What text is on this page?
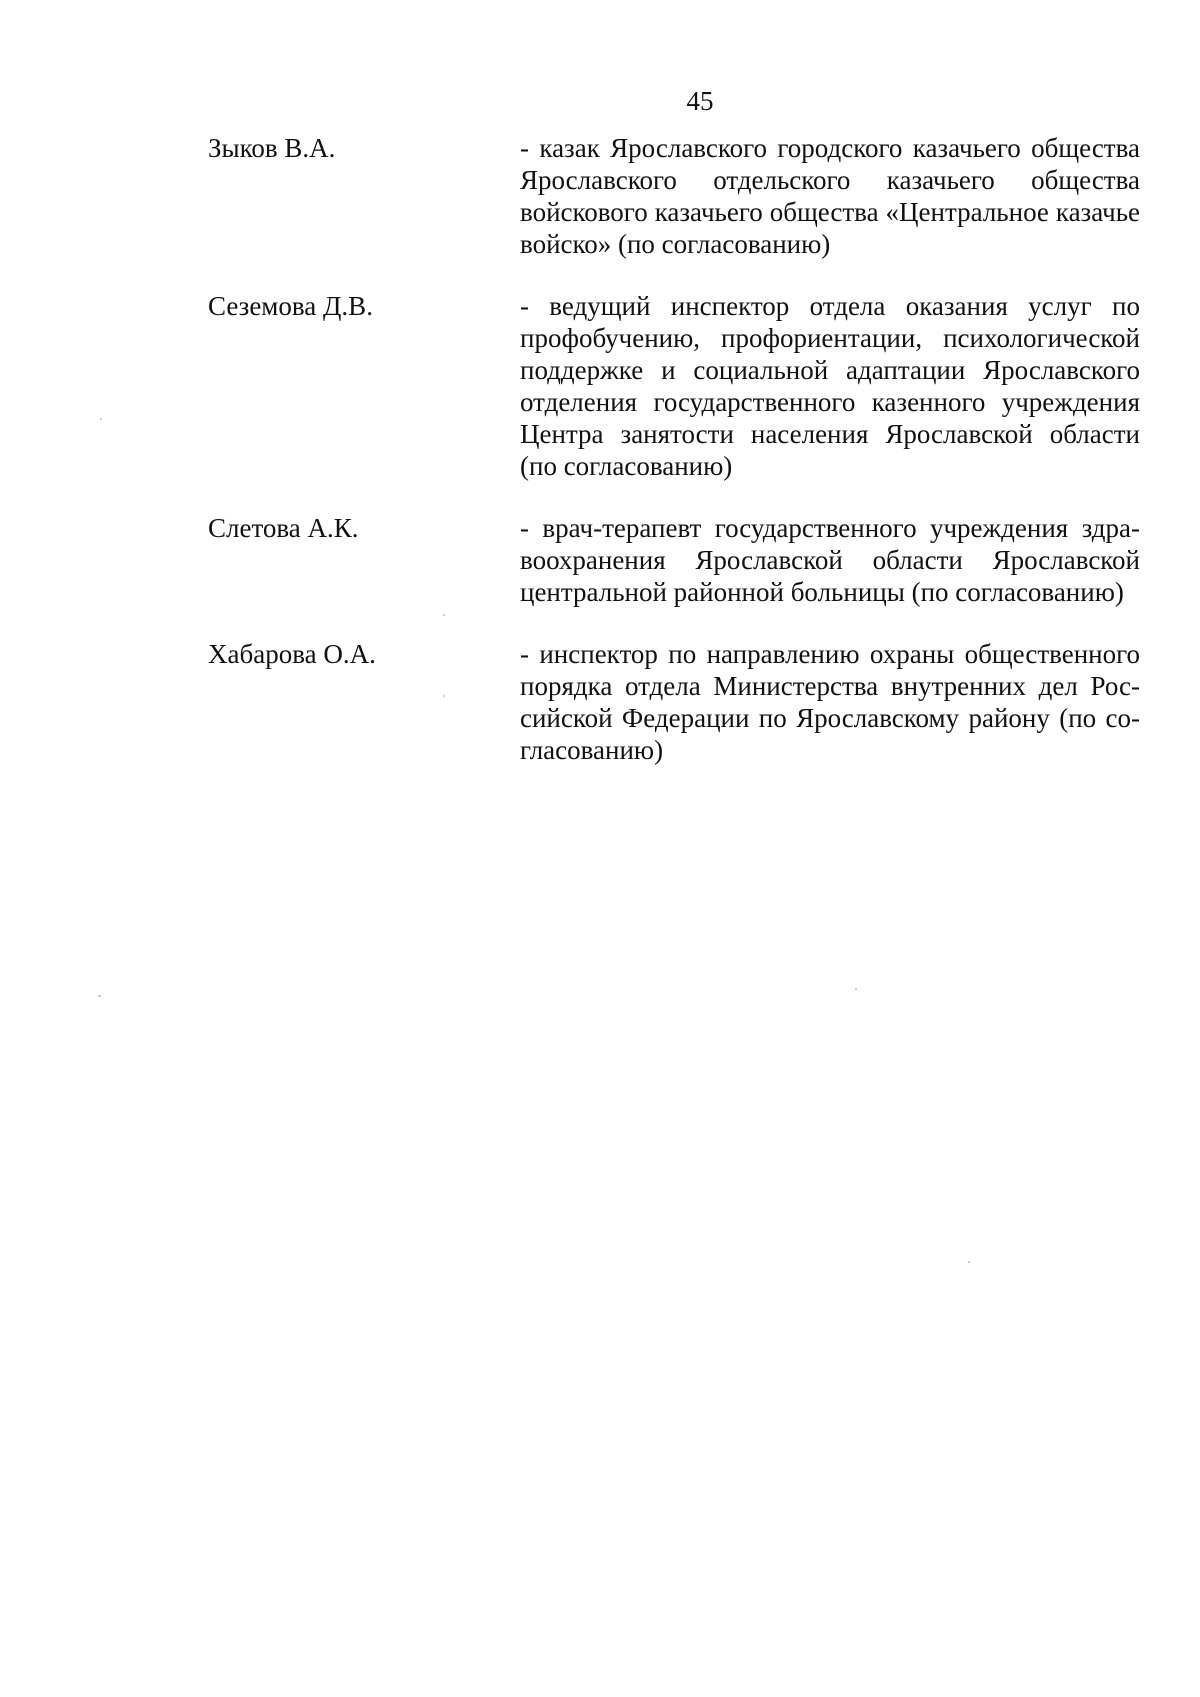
45
Зыков В.А.	- казак Ярославского городского казачьего общества Ярославского отдельского казачьего общества войскового казачьего общества «Центральное казачье войско» (по согласованию)
Сеземова Д.В.	- ведущий инспектор отдела оказания услуг по профобучению, профориентации, психологической поддержке и социальной адаптации Ярославского отделения государственного казенного учреждения Центра занятости населения Ярославской области (по согласованию)
Слетова А.К.	- врач-терапевт государственного учреждения здравоохранения Ярославской области Ярославской центральной районной больницы (по согласованию)
Хабарова О.А.	- инспектор по направлению охраны общественного порядка отдела Министерства внутренних дел Российской Федерации по Ярославскому району (по согласованию)
